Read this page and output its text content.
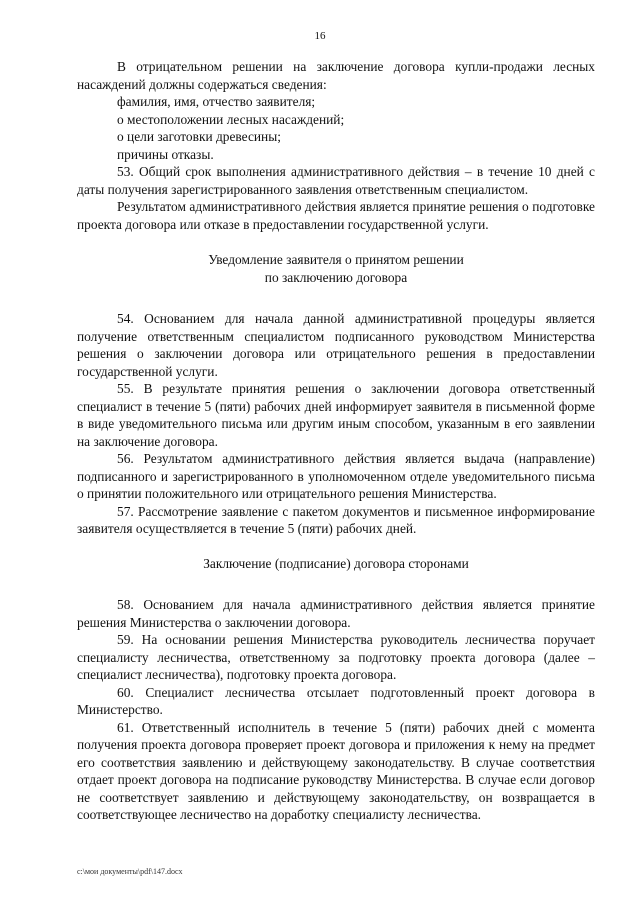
16

В отрицательном решении на заключение договора купли-продажи лесных насаждений должны содержаться сведения:

фамилия, имя, отчество заявителя;

о местоположении лесных насаждений;

о цели заготовки древесины;

причины отказы.

53. Общий срок выполнения административного действия – в течение 10 дней с даты получения зарегистрированного заявления ответственным специалистом.

Результатом административного действия является принятие решения о подготовке проекта договора или отказе в предоставлении государственной услуги.

Уведомление заявителя о принятом решении

по заключению договора

54. Основанием для начала данной административной процедуры является получение ответственным специалистом подписанного руководством Министерства решения о заключении договора или отрицательного решения в предоставлении государственной услуги.

55. В результате принятия решения о заключении договора ответственный специалист в течение 5 (пяти) рабочих дней информирует заявителя в письменной форме в виде уведомительного письма или другим иным способом, указанным в его заявлении на заключение договора.

56. Результатом административного действия является выдача (направление) подписанного и зарегистрированного в уполномоченном отделе уведомительного письма о принятии положительного или отрицательного решения Министерства.

57. Рассмотрение заявление с пакетом документов и письменное информирование заявителя осуществляется в течение 5 (пяти) рабочих дней.

Заключение (подписание) договора сторонами

58. Основанием для начала административного действия является принятие решения Министерства о заключении договора.

59. На основании решения Министерства руководитель лесничества поручает специалисту лесничества, ответственному за подготовку проекта договора (далее – специалист лесничества), подготовку проекта договора.

60. Специалист лесничества отсылает подготовленный проект договора в Министерство.

61. Ответственный исполнитель в течение 5 (пяти) рабочих дней с момента получения проекта договора проверяет проект договора и приложения к нему на предмет его соответствия заявлению и действующему законодательству. В случае соответствия отдает проект договора на подписание руководству Министерства. В случае если договор не соответствует заявлению и действующему законодательству, он возвращается в соответствующее лесничество на доработку специалисту лесничества.

c:\мои документы\pdf\147.docx
